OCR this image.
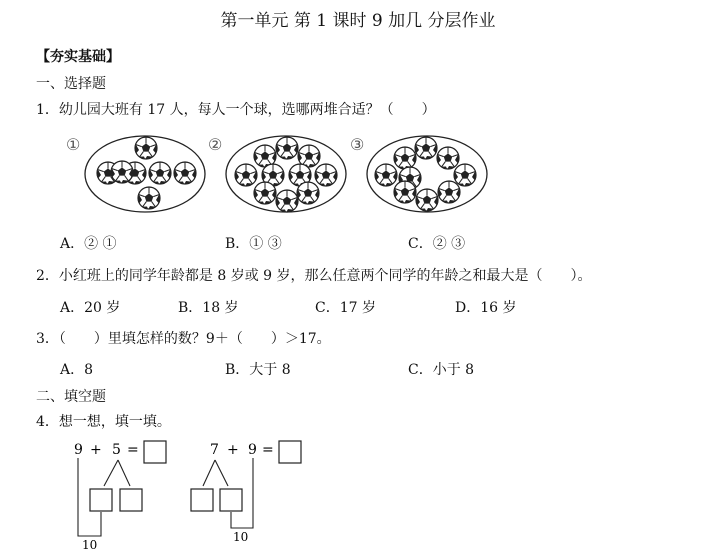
第一单元 第 1 课时 9 加几 分层作业
【夯实基础】
一、选择题
1．幼儿园大班有 17 人，每人一个球，选哪两堆合适？（　　）
①	②	③
A．② ①	B．① ③	C．② ③
2．小红班上的同学年龄都是 8 岁或 9 岁，那么任意两个同学的年龄之和最大是（　　）。
A．20 岁	B．18 岁	C．17 岁	D．16 岁
3．（　　）里填怎样的数？9＋（　　）＞17。
A．8	B．大于 8	C．小于 8
二、填空题
4．想一想，填一填。
9 + 5 =
10
7 + 9 =
10
